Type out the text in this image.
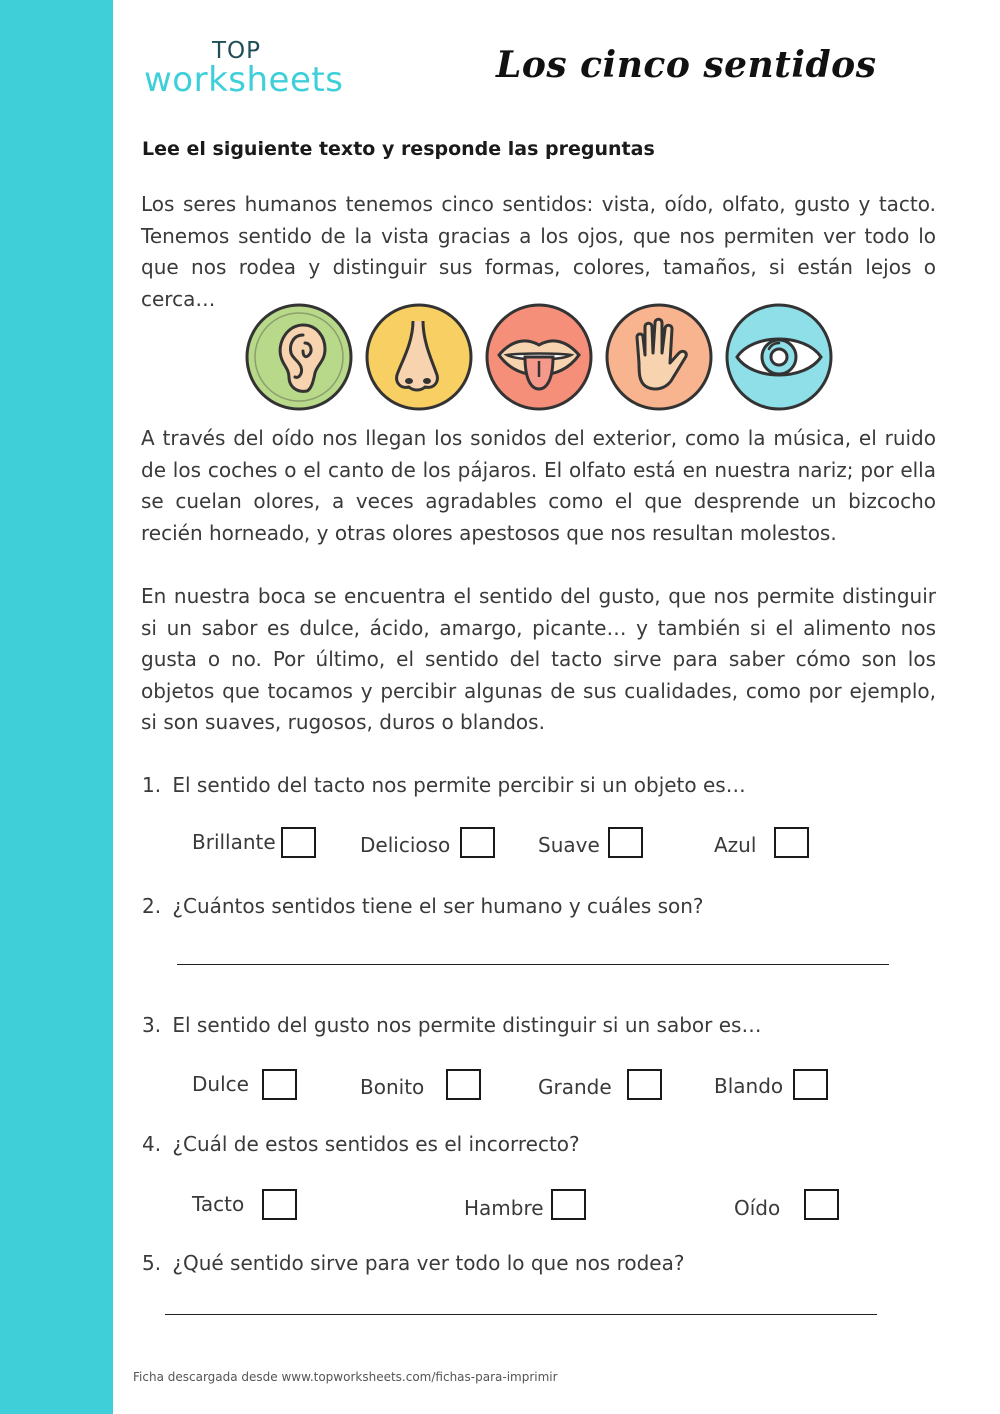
TOP
worksheets	Los cinco sentidos
Lee el siguiente texto y responde las preguntas

Los seres humanos tenemos cinco sentidos: vista, oído, olfato, gusto y tacto. Tenemos sentido de la vista gracias a los ojos, que nos permiten ver todo lo que nos rodea y distinguir sus formas, colores, tamaños, si están lejos o cerca…

A través del oído nos llegan los sonidos del exterior, como la música, el ruido de los coches o el canto de los pájaros. El olfato está en nuestra nariz; por ella se cuelan olores, a veces agradables como el que desprende un bizcocho recién horneado, y otras olores apestosos que nos resultan molestos.

En nuestra boca se encuentra el sentido del gusto, que nos permite distinguir si un sabor es dulce, ácido, amargo, picante… y también si el alimento nos gusta o no. Por último, el sentido del tacto sirve para saber cómo son los objetos que tocamos y percibir algunas de sus cualidades, como por ejemplo, si son suaves, rugosos, duros o blandos.

1. El sentido del tacto nos permite percibir si un objeto es…
Brillante	Delicioso	Suave	Azul
2. ¿Cuántos sentidos tiene el ser humano y cuáles son?
3. El sentido del gusto nos permite distinguir si un sabor es…
Dulce	Bonito	Grande	Blando
4. ¿Cuál de estos sentidos es el incorrecto?
Tacto	Hambre	Oído
5. ¿Qué sentido sirve para ver todo lo que nos rodea?
Ficha descargada desde www.topworksheets.com/fichas-para-imprimir
